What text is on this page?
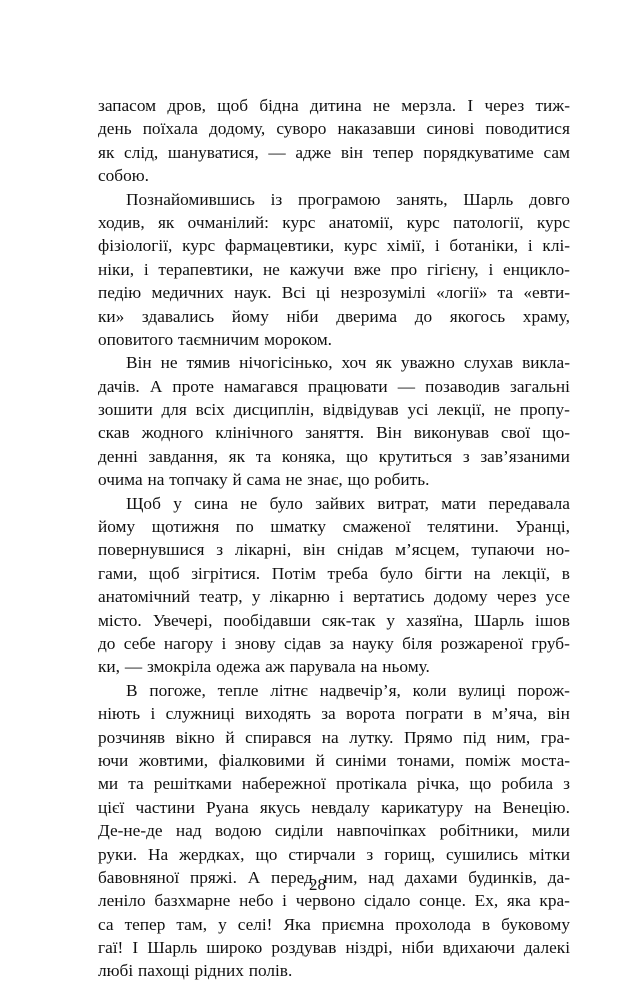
запасом дров, щоб бідна дитина не мерзла. І через тиж-
день поїхала додому, суворо наказавши синові поводитися
як слід, шануватися, — адже він тепер порядкуватиме сам
собою.
Познайомившись із програмою занять, Шарль довго
ходив, як очманілий: курс анатомії, курс патології, курс
фізіології, курс фармацевтики, курс хімії, і ботаніки, і клі-
ніки, і терапевтики, не кажучи вже про гігієну, і енцикло-
педію медичних наук. Всі ці незрозумілі «логії» та «евти-
ки» здавались йому ніби дверима до якогось храму,
оповитого таємничим мороком.
Він не тямив нічогісінько, хоч як уважно слухав викла-
дачів. А проте намагався працювати — позаводив загальні
зошити для всіх дисциплін, відвідував усі лекції, не пропу-
скав жодного клінічного заняття. Він виконував свої що-
денні завдання, як та коняка, що крутиться з зав’язаними
очима на топчаку й сама не знає, що робить.
Щоб у сина не було зайвих витрат, мати передавала
йому щотижня по шматку смаженої телятини. Уранці,
повернувшися з лікарні, він снідав м’ясцем, тупаючи но-
гами, щоб зігрітися. Потім треба було бігти на лекції, в
анатомічний театр, у лікарню і вертатись додому через усе
місто. Увечері, пообідавши сяк-так у хазяїна, Шарль ішов
до себе нагору і знову сідав за науку біля розжареної груб-
ки, — змокріла одежа аж парувала на ньому.
В погоже, тепле літнє надвечір’я, коли вулиці порож-
ніють і служниці виходять за ворота пограти в м’яча, він
розчиняв вікно й спирався на лутку. Прямо під ним, гра-
ючи жовтими, фіалковими й синіми тонами, поміж моста-
ми та решітками набережної протікала річка, що робила з
цієї частини Руана якусь невдалу карикатуру на Венецію.
Де-не-де над водою сиділи навпочіпках робітники, мили
руки. На жердках, що стирчали з горищ, сушились мітки
бавовняної пряжі. А перед ним, над дахами будинків, да-
леніло базхмарне небо і червоно сідало сонце. Ех, яка кра-
са тепер там, у селі! Яка приємна прохолода в буковому
гаї! І Шарль широко роздував ніздрі, ніби вдихаючи далекі
любі пахощі рідних полів.
28
